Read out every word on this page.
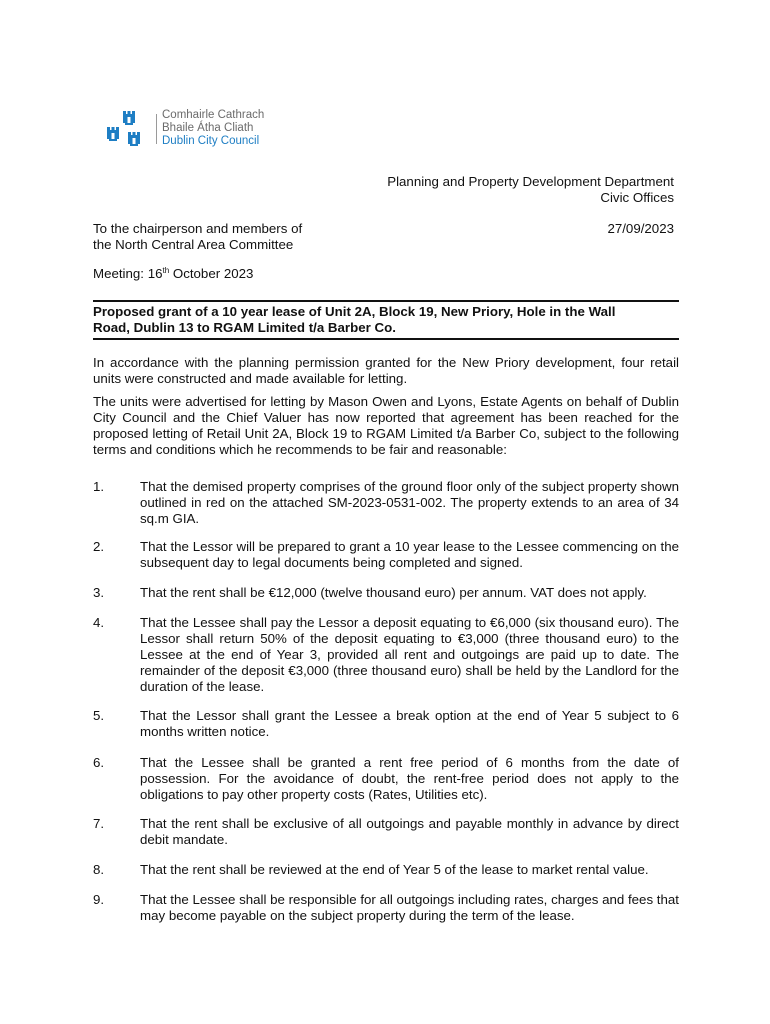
Comhairle Cathrach
Bhaile Átha Cliath
Dublin City Council
Planning and Property Development Department
Civic Offices
27/09/2023
To the chairperson and members of
the North Central Area Committee
Meeting: 16th October 2023
Proposed grant of a 10 year lease of Unit 2A, Block 19, New Priory, Hole in the Wall
Road, Dublin 13 to RGAM Limited t/a Barber Co.
In accordance with the planning permission granted for the New Priory development, four retail units were constructed and made available for letting.
The units were advertised for letting by Mason Owen and Lyons, Estate Agents on behalf of Dublin City Council and the Chief Valuer has now reported that agreement has been reached for the proposed letting of Retail Unit 2A, Block 19 to RGAM Limited t/a Barber Co, subject to the following terms and conditions which he recommends to be fair and reasonable:
1.	That the demised property comprises of the ground floor only of the subject property shown outlined in red on the attached SM-2023-0531-002. The property extends to an area of 34 sq.m GIA.
2.	That the Lessor will be prepared to grant a 10 year lease to the Lessee commencing on the subsequent day to legal documents being completed and signed.
3.	That the rent shall be €12,000 (twelve thousand euro) per annum. VAT does not apply.
4.	That the Lessee shall pay the Lessor a deposit equating to €6,000 (six thousand euro). The Lessor shall return 50% of the deposit equating to €3,000 (three thousand euro) to the Lessee at the end of Year 3, provided all rent and outgoings are paid up to date. The remainder of the deposit €3,000 (three thousand euro) shall be held by the Landlord for the duration of the lease.
5.	That the Lessor shall grant the Lessee a break option at the end of Year 5 subject to 6 months written notice.
6.	That the Lessee shall be granted a rent free period of 6 months from the date of possession. For the avoidance of doubt, the rent-free period does not apply to the obligations to pay other property costs (Rates, Utilities etc).
7.	That the rent shall be exclusive of all outgoings and payable monthly in advance by direct debit mandate.
8.	That the rent shall be reviewed at the end of Year 5 of the lease to market rental value.
9.	That the Lessee shall be responsible for all outgoings including rates, charges and fees that may become payable on the subject property during the term of the lease.
